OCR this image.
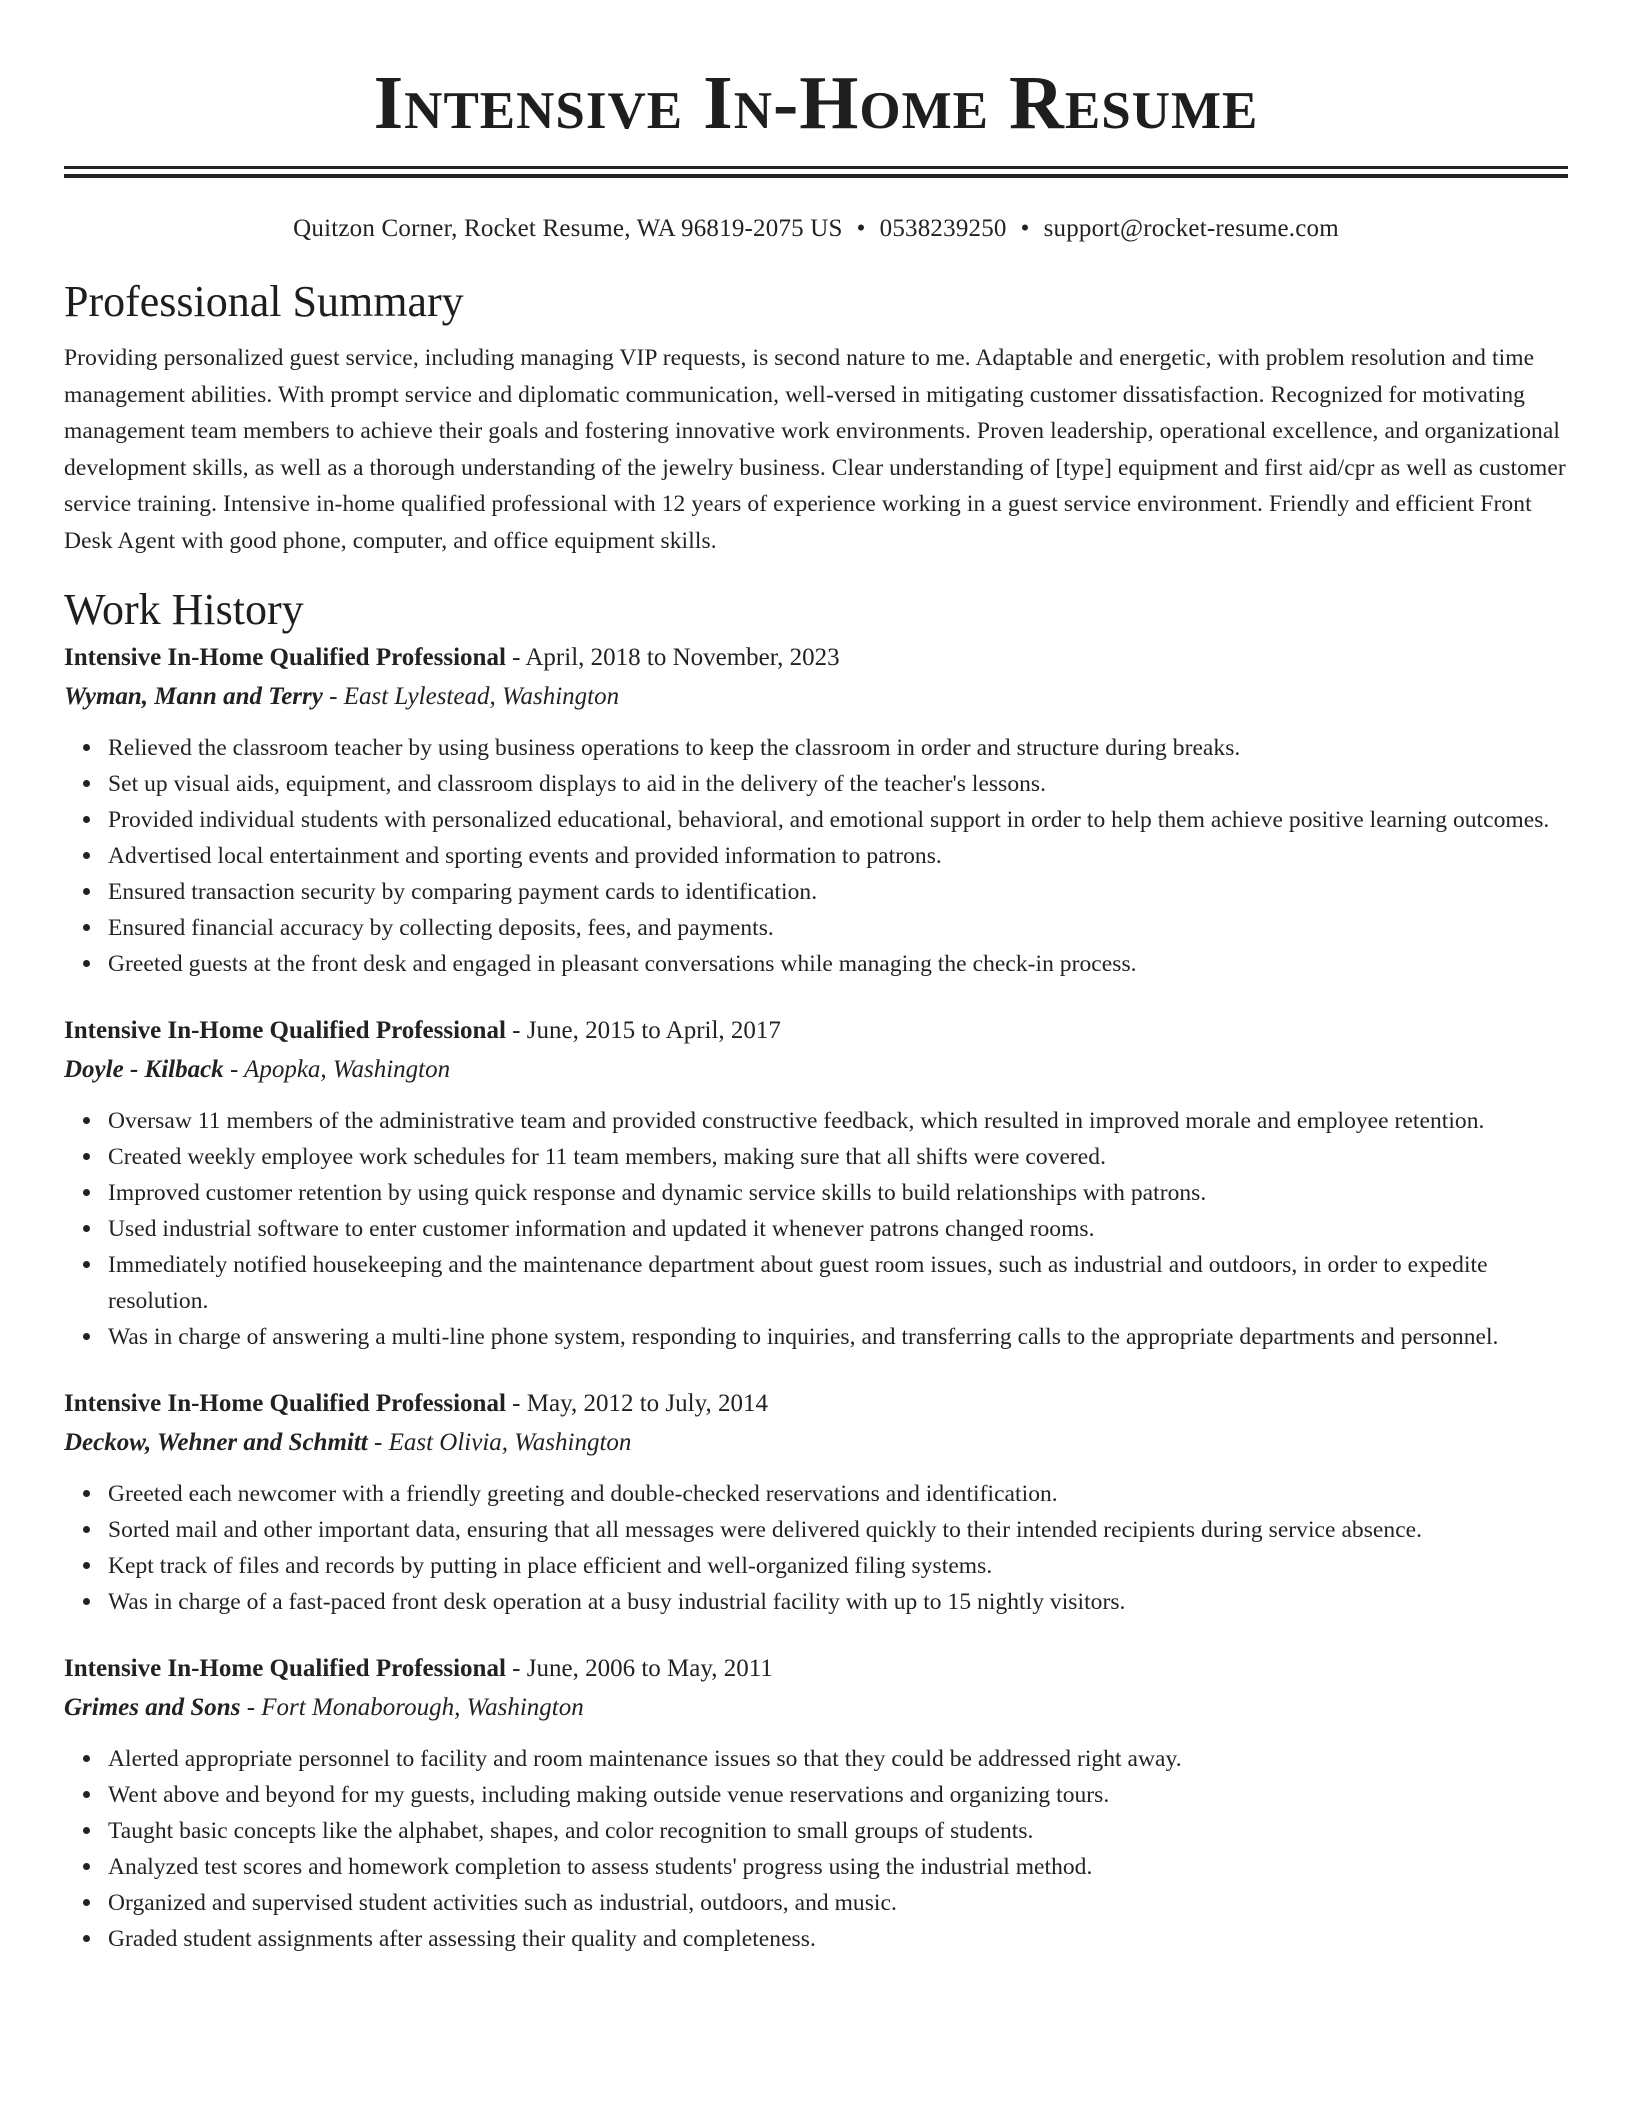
Intensive In-Home Resume
Quitzon Corner, Rocket Resume, WA 96819-2075 US • 0538239250 • support@rocket-resume.com
Professional Summary

Providing personalized guest service, including managing VIP requests, is second nature to me. Adaptable and energetic, with problem resolution and time management abilities. With prompt service and diplomatic communication, well-versed in mitigating customer dissatisfaction. Recognized for motivating management team members to achieve their goals and fostering innovative work environments. Proven leadership, operational excellence, and organizational development skills, as well as a thorough understanding of the jewelry business. Clear understanding of [type] equipment and first aid/cpr as well as customer service training. Intensive in-home qualified professional with 12 years of experience working in a guest service environment. Friendly and efficient Front Desk Agent with good phone, computer, and office equipment skills.

Work History
Intensive In-Home Qualified Professional - April, 2018 to November, 2023
Wyman, Mann and Terry - East Lylestead, Washington
Relieved the classroom teacher by using business operations to keep the classroom in order and structure during breaks.
Set up visual aids, equipment, and classroom displays to aid in the delivery of the teacher's lessons.
Provided individual students with personalized educational, behavioral, and emotional support in order to help them achieve positive learning outcomes.
Advertised local entertainment and sporting events and provided information to patrons.
Ensured transaction security by comparing payment cards to identification.
Ensured financial accuracy by collecting deposits, fees, and payments.
Greeted guests at the front desk and engaged in pleasant conversations while managing the check-in process.
Intensive In-Home Qualified Professional - June, 2015 to April, 2017
Doyle - Kilback - Apopka, Washington
Oversaw 11 members of the administrative team and provided constructive feedback, which resulted in improved morale and employee retention.
Created weekly employee work schedules for 11 team members, making sure that all shifts were covered.
Improved customer retention by using quick response and dynamic service skills to build relationships with patrons.
Used industrial software to enter customer information and updated it whenever patrons changed rooms.
Immediately notified housekeeping and the maintenance department about guest room issues, such as industrial and outdoors, in order to expedite resolution.
Was in charge of answering a multi-line phone system, responding to inquiries, and transferring calls to the appropriate departments and personnel.
Intensive In-Home Qualified Professional - May, 2012 to July, 2014
Deckow, Wehner and Schmitt - East Olivia, Washington
Greeted each newcomer with a friendly greeting and double-checked reservations and identification.
Sorted mail and other important data, ensuring that all messages were delivered quickly to their intended recipients during service absence.
Kept track of files and records by putting in place efficient and well-organized filing systems.
Was in charge of a fast-paced front desk operation at a busy industrial facility with up to 15 nightly visitors.
Intensive In-Home Qualified Professional - June, 2006 to May, 2011
Grimes and Sons - Fort Monaborough, Washington
Alerted appropriate personnel to facility and room maintenance issues so that they could be addressed right away.
Went above and beyond for my guests, including making outside venue reservations and organizing tours.
Taught basic concepts like the alphabet, shapes, and color recognition to small groups of students.
Analyzed test scores and homework completion to assess students' progress using the industrial method.
Organized and supervised student activities such as industrial, outdoors, and music.
Graded student assignments after assessing their quality and completeness.
